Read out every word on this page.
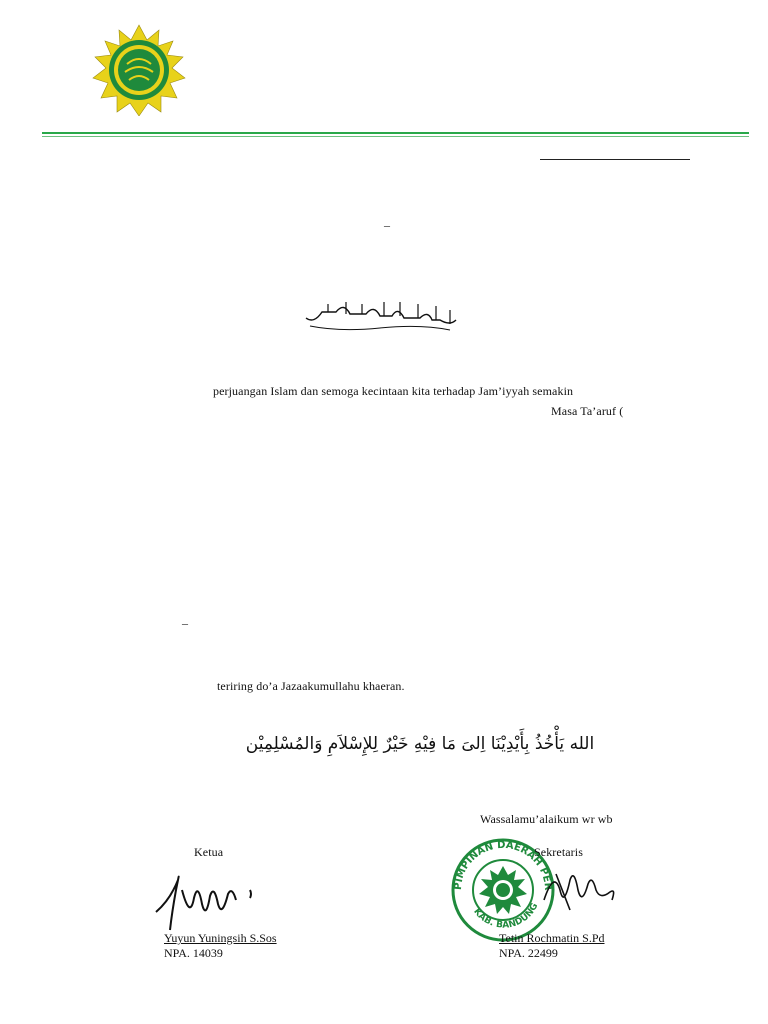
–
perjuangan Islam dan semoga kecintaan kita terhadap Jam’iyyah semakin
Masa Ta’aruf (
–
teriring do’a Jazaakumullahu khaeran.
الله يَأْخُذُ بِأَيْدِيْنَا اِلىَ مَا فِيْهِ خَيْرٌ لِلإِسْلاَمِ وَالمُسْلِمِيْن
Wassalamu’alaikum wr wb
Ketua
Yuyun Yuningsih S.Sos
NPA. 14039
PIMPINAN DAERAH PER
KAB. BANDUNG
Sekretaris
Tetin Rochmatin S.Pd
NPA. 22499
